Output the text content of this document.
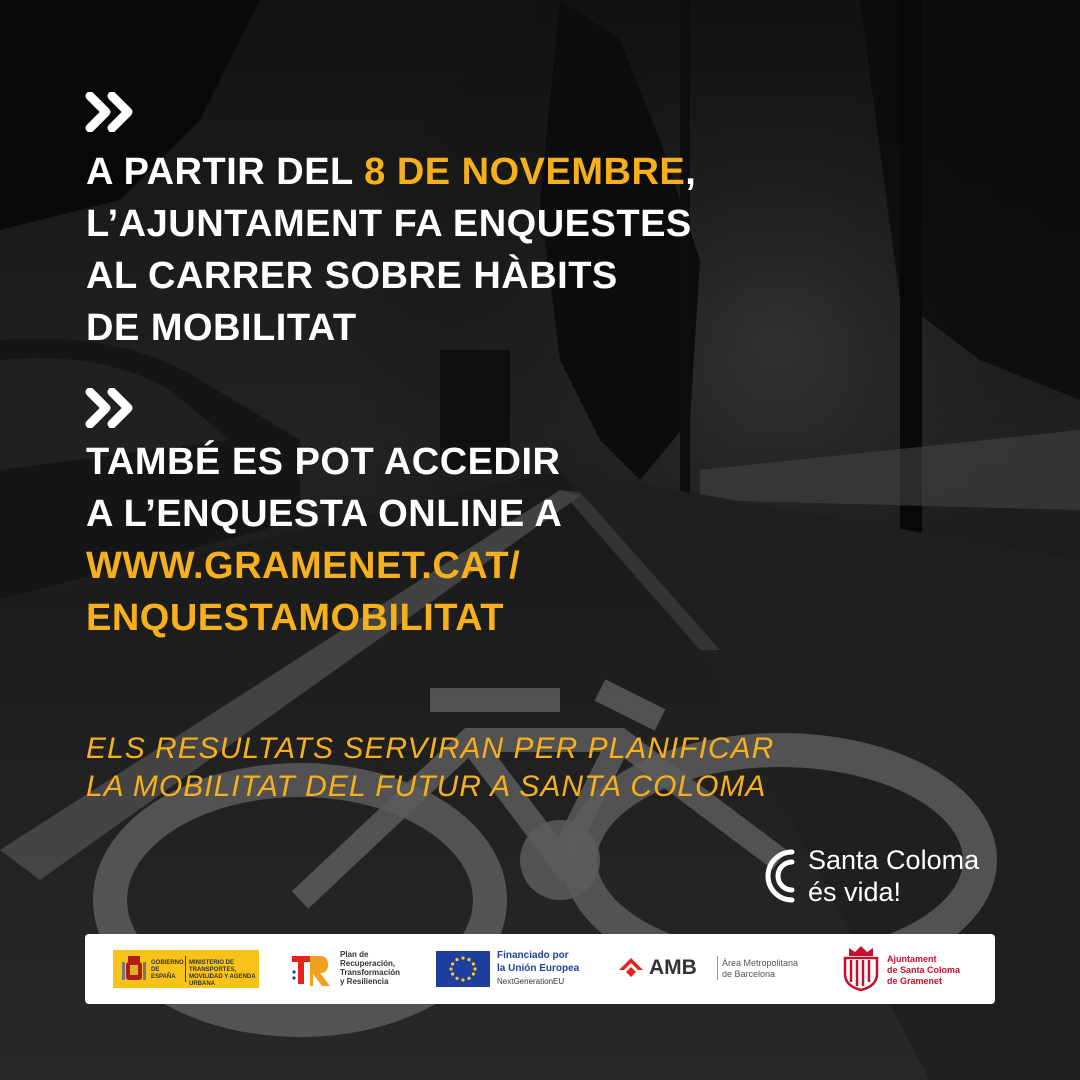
A PARTIR DEL 8 DE NOVEMBRE,
L’AJUNTAMENT FA ENQUESTES
AL CARRER SOBRE HÀBITS
DE MOBILITAT
TAMBÉ ES POT ACCEDIR
A L’ENQUESTA ONLINE A
WWW.GRAMENET.CAT/
ENQUESTAMOBILITAT

ELS RESULTATS SERVIRAN PER PLANIFICAR
LA MOBILITAT DEL FUTUR A SANTA COLOMA

Santa Coloma
és vida!
GOBIERNO DE ESPAÑA
MINISTERIO DE TRANSPORTES, MOVILIDAD Y AGENDA URBANA
Plan de
Recuperación,
Transformación
y Resiliencia
Financiado por
la Unión Europea
NextGenerationEU
AMB	Àrea Metropolitana
de Barcelona
Ajuntament
de Santa Coloma
de Gramenet
